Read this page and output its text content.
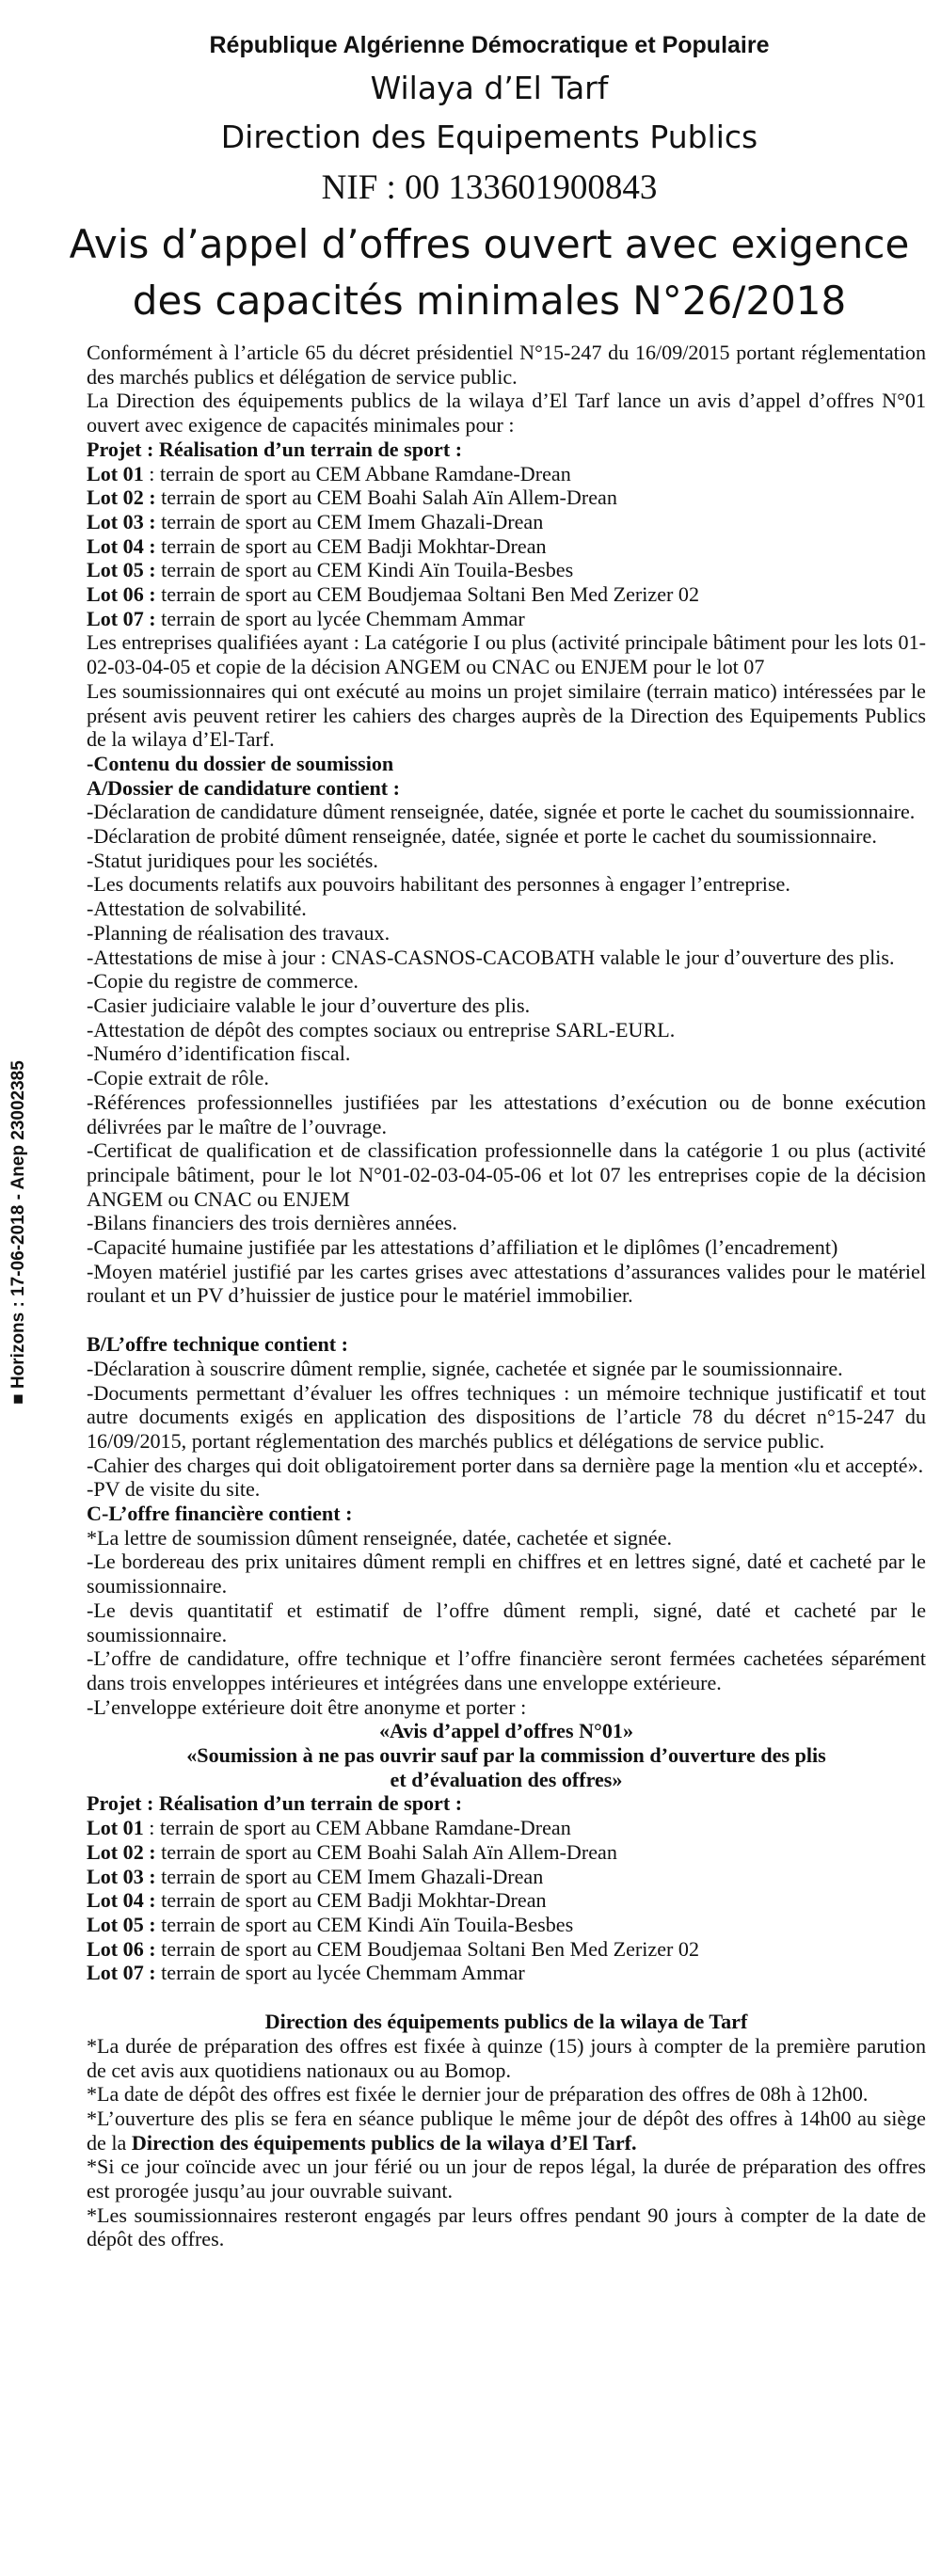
■ Horizons : 17-06-2018 - Anep 23002385
République Algérienne Démocratique et Populaire
Wilaya d’El Tarf
Direction des Equipements Publics
NIF : 00 133601900843
Avis d’appel d’offres ouvert avec exigence
des capacités minimales N°26/2018

Conformément à l’article 65 du décret présidentiel N°15-247 du 16/09/2015 portant réglementation des marchés publics et délégation de service public.

La Direction des équipements publics de la wilaya d’El Tarf lance un avis d’appel d’offres N°01 ouvert avec exigence de capacités minimales pour :

Projet : Réalisation d’un terrain de sport :

Lot 01 : terrain de sport au CEM Abbane Ramdane-Drean

Lot 02 : terrain de sport au CEM Boahi Salah Aïn Allem-Drean

Lot 03 : terrain de sport au CEM Imem Ghazali-Drean

Lot 04 : terrain de sport au CEM Badji Mokhtar-Drean

Lot 05 : terrain de sport au CEM Kindi Aïn Touila-Besbes

Lot 06 : terrain de sport au CEM Boudjemaa Soltani Ben Med Zerizer 02

Lot 07 : terrain de sport au lycée Chemmam Ammar

Les entreprises qualifiées ayant : La catégorie I ou plus (activité principale bâtiment pour les lots 01-02-03-04-05 et copie de la décision ANGEM ou CNAC ou ENJEM pour le lot 07

Les soumissionnaires qui ont exécuté au moins un projet similaire (terrain matico) intéressées par le présent avis peuvent retirer les cahiers des charges auprès de la Direction des Equipements Publics de la wilaya d’El-Tarf.

-Contenu du dossier de soumission

A/Dossier de candidature contient :

-Déclaration de candidature dûment renseignée, datée, signée et porte le cachet du soumissionnaire.

-Déclaration de probité dûment renseignée, datée, signée et porte le cachet du soumissionnaire.

-Statut juridiques pour les sociétés.

-Les documents relatifs aux pouvoirs habilitant des personnes à engager l’entreprise.

-Attestation de solvabilité.

-Planning de réalisation des travaux.

-Attestations de mise à jour : CNAS-CASNOS-CACOBATH valable le jour d’ouverture des plis.

-Copie du registre de commerce.

-Casier judiciaire valable le jour d’ouverture des plis.

-Attestation de dépôt des comptes sociaux ou entreprise SARL-EURL.

-Numéro d’identification fiscal.

-Copie extrait de rôle.

-Références professionnelles justifiées par les attestations d’exécution ou de bonne exécution délivrées par le maître de l’ouvrage.

-Certificat de qualification et de classification professionnelle dans la catégorie 1 ou plus (activité principale bâtiment, pour le lot N°01-02-03-04-05-06 et lot 07 les entreprises copie de la décision ANGEM ou CNAC ou ENJEM

-Bilans financiers des trois dernières années.

-Capacité humaine justifiée par les attestations d’affiliation et le diplômes (l’encadrement)

-Moyen matériel justifié par les cartes grises avec attestations d’assurances valides pour le matériel roulant et un PV d’huissier de justice pour le matériel immobilier.

B/L’offre technique contient :

-Déclaration à souscrire dûment remplie, signée, cachetée et signée par le soumissionnaire.

-Documents permettant d’évaluer les offres techniques : un mémoire technique justificatif et tout autre documents exigés en application des dispositions de l’article 78 du décret n°15-247 du 16/09/2015, portant réglementation des marchés publics et délégations de service public.

-Cahier des charges qui doit obligatoirement porter dans sa dernière page la mention «lu et accepté».

-PV de visite du site.

C-L’offre financière contient :

*La lettre de soumission dûment renseignée, datée, cachetée et signée.

-Le bordereau des prix unitaires dûment rempli en chiffres et en lettres signé, daté et cacheté par le soumissionnaire.

-Le devis quantitatif et estimatif de l’offre dûment rempli, signé, daté et cacheté par le soumissionnaire.

-L’offre de candidature, offre technique et l’offre financière seront fermées cachetées séparément dans trois enveloppes intérieures et intégrées dans une enveloppe extérieure.

-L’enveloppe extérieure doit être anonyme et porter :

«Avis d’appel d’offres N°01»

«Soumission à ne pas ouvrir sauf par la commission d’ouverture des plis

et d’évaluation des offres»

Projet : Réalisation d’un terrain de sport :

Lot 01 : terrain de sport au CEM Abbane Ramdane-Drean

Lot 02 : terrain de sport au CEM Boahi Salah Aïn Allem-Drean

Lot 03 : terrain de sport au CEM Imem Ghazali-Drean

Lot 04 : terrain de sport au CEM Badji Mokhtar-Drean

Lot 05 : terrain de sport au CEM Kindi Aïn Touila-Besbes

Lot 06 : terrain de sport au CEM Boudjemaa Soltani Ben Med Zerizer 02

Lot 07 : terrain de sport au lycée Chemmam Ammar

Direction des équipements publics de la wilaya de Tarf

*La durée de préparation des offres est fixée à quinze (15) jours à compter de la première parution de cet avis aux quotidiens nationaux ou au Bomop.

*La date de dépôt des offres est fixée le dernier jour de préparation des offres de 08h à 12h00.

*L’ouverture des plis se fera en séance publique le même jour de dépôt des offres à 14h00 au siège de la Direction des équipements publics de la wilaya d’El Tarf.

*Si ce jour coïncide avec un jour férié ou un jour de repos légal, la durée de préparation des offres est prorogée jusqu’au jour ouvrable suivant.

*Les soumissionnaires resteront engagés par leurs offres pendant 90 jours à compter de la date de dépôt des offres.
